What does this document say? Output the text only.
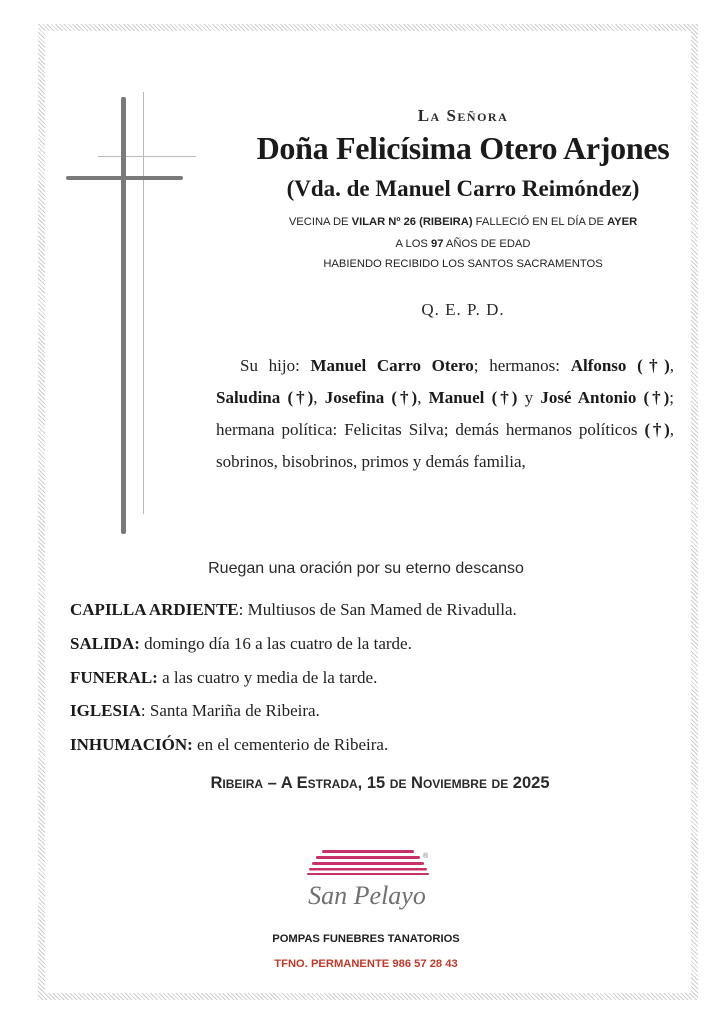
La Señora
Doña Felicísima Otero Arjones
(Vda. de Manuel Carro Reimóndez)
VECINA DE VILAR Nº 26 (RIBEIRA) FALLECIÓ EN EL DÍA DE AYER
A LOS 97 AÑOS DE EDAD
HABIENDO RECIBIDO LOS SANTOS SACRAMENTOS
Q. E. P. D.
Su hijo: Manuel Carro Otero; hermanos: Alfonso (†), Saludina (†), Josefina (†), Manuel (†) y José Antonio (†); hermana política: Felicitas Silva; demás hermanos políticos (†), sobrinos, bisobrinos, primos y demás familia,
Ruegan una oración por su eterno descanso
CAPILLA ARDIENTE: Multiusos de San Mamed de Rivadulla.
SALIDA: domingo día 16 a las cuatro de la tarde.
FUNERAL: a las cuatro y media de la tarde.
IGLESIA: Santa Mariña de Ribeira.
INHUMACIÓN: en el cementerio de Ribeira.
Ribeira – A Estrada, 15 de Noviembre de 2025
®
San Pelayo
POMPAS FUNEBRES TANATORIOS
TFNO. PERMANENTE 986 57 28 43
